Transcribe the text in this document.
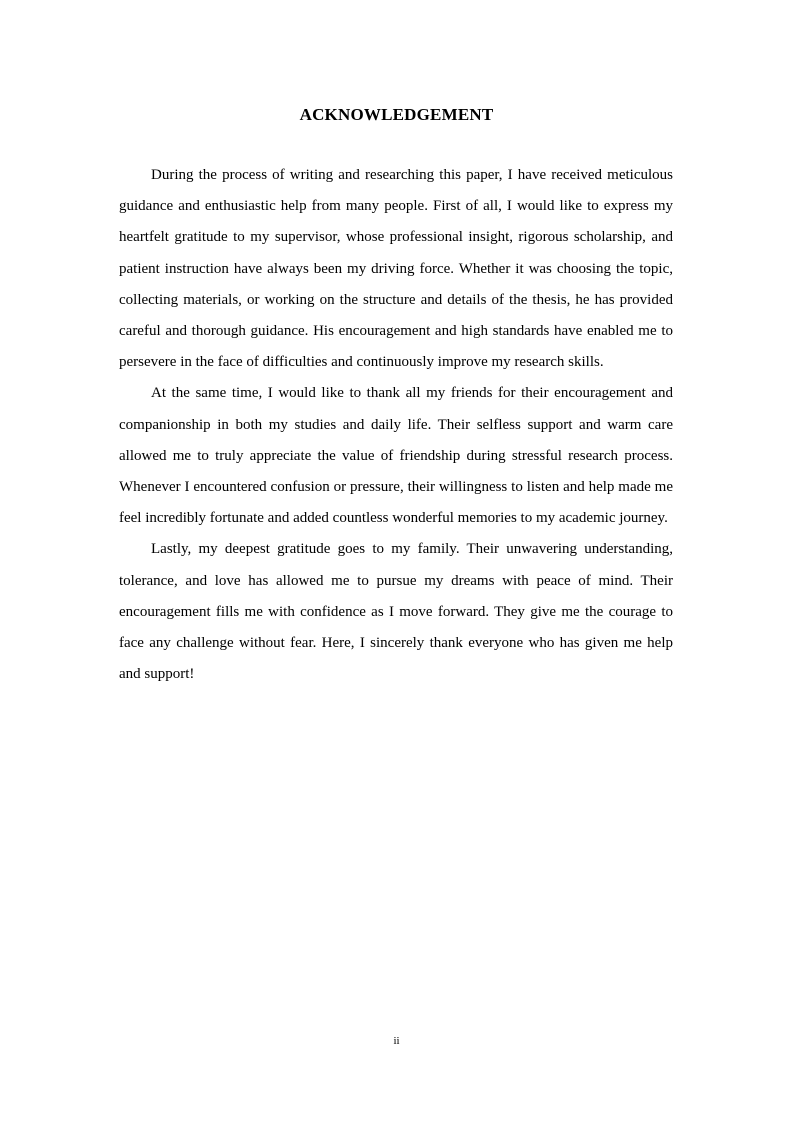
ACKNOWLEDGEMENT

During the process of writing and researching this paper, I have received meticulous guidance and enthusiastic help from many people. First of all, I would like to express my heartfelt gratitude to my supervisor, whose professional insight, rigorous scholarship, and patient instruction have always been my driving force. Whether it was choosing the topic, collecting materials, or working on the structure and details of the thesis, he has provided careful and thorough guidance. His encouragement and high standards have enabled me to persevere in the face of difficulties and continuously improve my research skills.

At the same time, I would like to thank all my friends for their encouragement and companionship in both my studies and daily life. Their selfless support and warm care allowed me to truly appreciate the value of friendship during stressful research process. Whenever I encountered confusion or pressure, their willingness to listen and help made me feel incredibly fortunate and added countless wonderful memories to my academic journey.

Lastly, my deepest gratitude goes to my family. Their unwavering understanding, tolerance, and love has allowed me to pursue my dreams with peace of mind. Their encouragement fills me with confidence as I move forward. They give me the courage to face any challenge without fear. Here, I sincerely thank everyone who has given me help and support!

ii
